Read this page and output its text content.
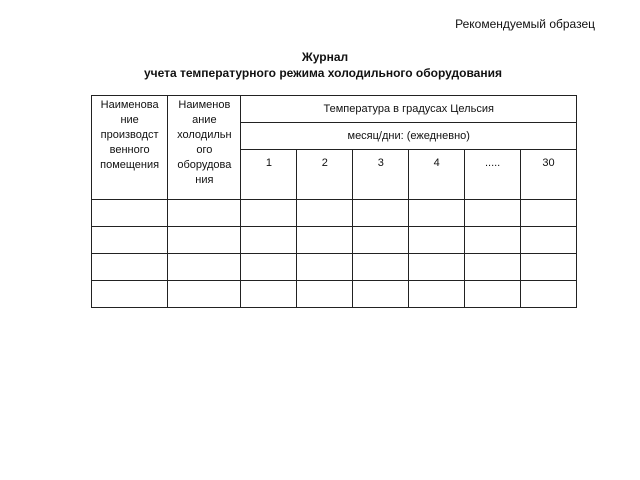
Рекомендуемый образец
Журнал
учета температурного режима холодильного оборудования
Наименова ние производст венного помещения	Наименов ание холодильн ого оборудова ния	Температура в градусах Цельсия					
		месяц/дни: (ежедневно)					
		1	2	3	4	.....	30
